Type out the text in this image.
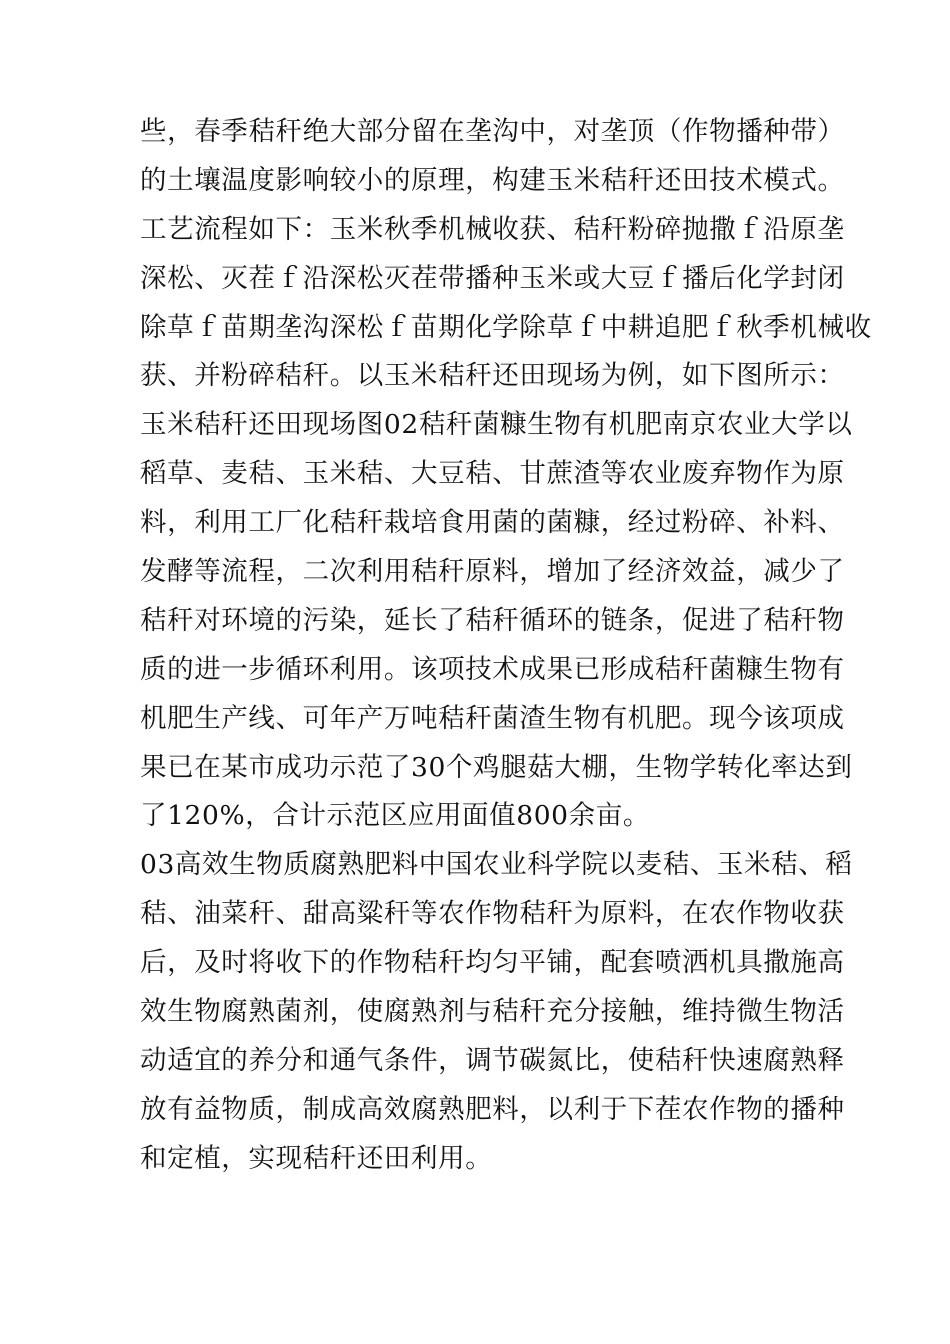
些，春季秸秆绝大部分留在垄沟中，对垄顶（作物播种带）
的土壤温度影响较小的原理，构建玉米秸秆还田技术模式。
工艺流程如下：玉米秋季机械收获、秸秆粉碎抛撒ｆ沿原垄
深松、灭茬ｆ沿深松灭茬带播种玉米或大豆ｆ播后化学封闭
除草ｆ苗期垄沟深松ｆ苗期化学除草ｆ中耕追肥ｆ秋季机械收
获、并粉碎秸秆。以玉米秸秆还田现场为例，如下图所示：
玉米秸秆还田现场图02秸秆菌糠生物有机肥南京农业大学以
稻草、麦秸、玉米秸、大豆秸、甘蔗渣等农业废弃物作为原
料，利用工厂化秸秆栽培食用菌的菌糠，经过粉碎、补料、
发酵等流程，二次利用秸秆原料，增加了经济效益，减少了
秸秆对环境的污染，延长了秸秆循环的链条，促进了秸秆物
质的进一步循环利用。该项技术成果已形成秸秆菌糠生物有
机肥生产线、可年产万吨秸秆菌渣生物有机肥。现今该项成
果已在某市成功示范了30个鸡腿菇大棚，生物学转化率达到
了120%，合计示范区应用面值800余亩。
03高效生物质腐熟肥料中国农业科学院以麦秸、玉米秸、稻
秸、油菜秆、甜高粱秆等农作物秸秆为原料，在农作物收获
后，及时将收下的作物秸秆均匀平铺，配套喷洒机具撒施高
效生物腐熟菌剂，使腐熟剂与秸秆充分接触，维持微生物活
动适宜的养分和通气条件，调节碳氮比，使秸秆快速腐熟释
放有益物质，制成高效腐熟肥料，以利于下茬农作物的播种
和定植，实现秸秆还田利用。
